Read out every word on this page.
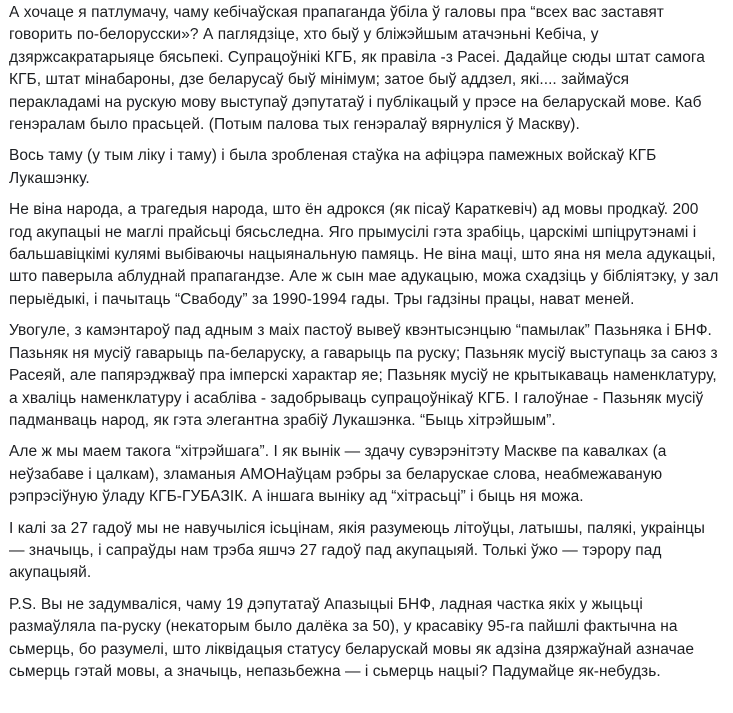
А хочаце я патлумачу, чаму кебічаўская прапаганда ўбіла ў галовы пра “всех вас заставят говорить по-белорусски»? А паглядзіце, хто быў у бліжэйшым атачэньні Кебіча, у дзяржсакратарыяце бясьпекі. Супрацоўнікі КГБ, як правіла -з Расеі. Дадайце сюды штат самога КГБ, штат мінабароны, дзе беларусаў быў мінімум; затое быў аддзел, які.... займаўся перакладамі на рускую мову выступаў дэпутатаў і публікацый у прэсе на беларускай мове. Каб генэралам было прасьцей. (Потым палова тых генэралаў вярнуліся ў Маскву).
Вось таму (у тым ліку і таму) і была зробленая стаўка на афіцэра памежных войскаў КГБ Лукашэнку.
Не віна народа, а трагедыя народа, што ён адрокся (як пісаў Караткевіч) ад мовы продкаў. 200 год акупацыі не маглі прайсьці бясьследна. Яго прымусілі гэта зрабіць, царскімі шпіцрутэнамі і бальшавіцкімі кулямі выбіваючы нацыянальную памяць. Не віна маці, што яна ня мела адукацыі, што паверыла аблуднай прапагандзе. Але ж сын мае адукацыю, можа схадзіць у бібліятэку, у зал перыёдыкі, і пачытаць “Свабоду” за 1990-1994 гады. Тры гадзіны працы, нават меней.
Увогуле, з камэнтароў пад адным з маіх пастоў вывеў квэнтысэнцыю “памылак” Пазьняка і БНФ. Пазьняк ня мусіў гаварыць па-беларуску, а гаварыць па руску; Пазьняк мусіў выступаць за саюз з Расеяй, але папярэджваў пра імперскі характар яе; Пазьняк мусіў не крытыкаваць наменклатуру, а хваліць наменклатуру і асабліва - задобрываць супрацоўнікаў КГБ. І галоўнае - Пазьняк мусіў падманваць народ, як гэта элегантна зрабіў Лукашэнка. “Быць хітрэйшым”.
Але ж мы маем такога “хітрэйшага”. І як вынік — здачу сувэрэнітэту Маскве па кавалках (а неўзабаве і цалкам), зламаныя АМОНаўцам рэбры за беларускае слова, неабмежаваную рэпрэсіўную ўладу КГБ-ГУБАЗІК. А іншага выніку ад “хітрасьці” і быць ня можа.
І калі за 27 гадоў мы не навучыліся ісьцінам, якія разумеюць літоўцы, латышы, палякі, украінцы — значыць, і сапраўды нам трэба яшчэ 27 гадоў пад акупацыяй. Толькі ўжо — тэрору пад акупацыяй.
P.S. Вы не задумваліся, чаму 19 дэпутатаў Апазыцыі БНФ, ладная частка якіх у жыцьці размаўляла па-руску (некаторым было далёка за 50), у красавіку 95-га пайшлі фактычна на сьмерць, бо разумелі, што ліквідацыя статусу беларускай мовы як адзіна дзяржаўнай азначае сьмерць гэтай мовы, а значыць, непазьбежна — і сьмерць нацыі? Падумайце як-небудзь.
